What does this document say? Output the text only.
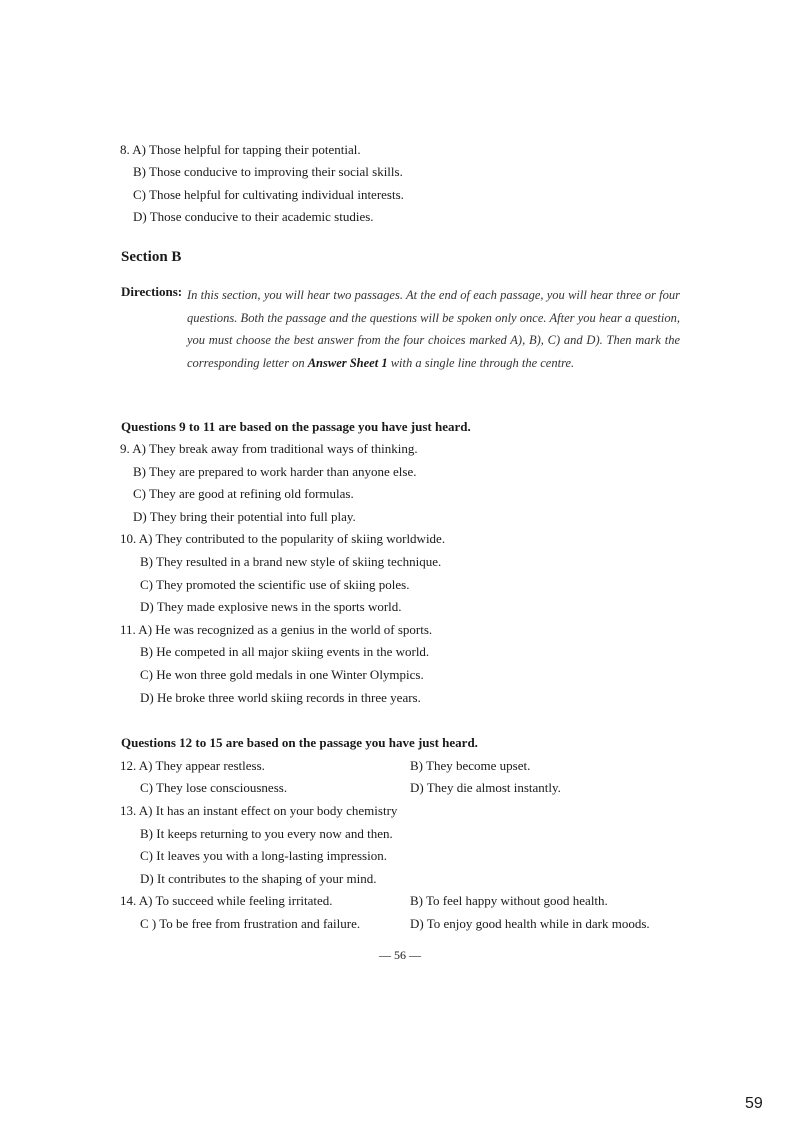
8. A) Those helpful for tapping their potential.
B) Those conducive to improving their social skills.
C) Those helpful for cultivating individual interests.
D) Those conducive to their academic studies.
Section B
Directions: In this section, you will hear two passages. At the end of each passage, you will hear three or four questions. Both the passage and the questions will be spoken only once. After you hear a question, you must choose the best answer from the four choices marked A), B), C) and D). Then mark the corresponding letter on Answer Sheet 1 with a single line through the centre.
Questions 9 to 11 are based on the passage you have just heard.
9. A) They break away from traditional ways of thinking.
B) They are prepared to work harder than anyone else.
C) They are good at refining old formulas.
D) They bring their potential into full play.
10. A) They contributed to the popularity of skiing worldwide.
B) They resulted in a brand new style of skiing technique.
C) They promoted the scientific use of skiing poles.
D) They made explosive news in the sports world.
11. A) He was recognized as a genius in the world of sports.
B) He competed in all major skiing events in the world.
C) He won three gold medals in one Winter Olympics.
D) He broke three world skiing records in three years.
Questions 12 to 15 are based on the passage you have just heard.
12. A) They appear restless.	B) They become upset.
C) They lose consciousness.	D) They die almost instantly.
13. A) It has an instant effect on your body chemistry
B) It keeps returning to you every now and then.
C) It leaves you with a long-lasting impression.
D) It contributes to the shaping of your mind.
14. A) To succeed while feeling irritated.	B) To feel happy without good health.
C ) To be free from frustration and failure.	D) To enjoy good health while in dark moods.
— 56 —
59
